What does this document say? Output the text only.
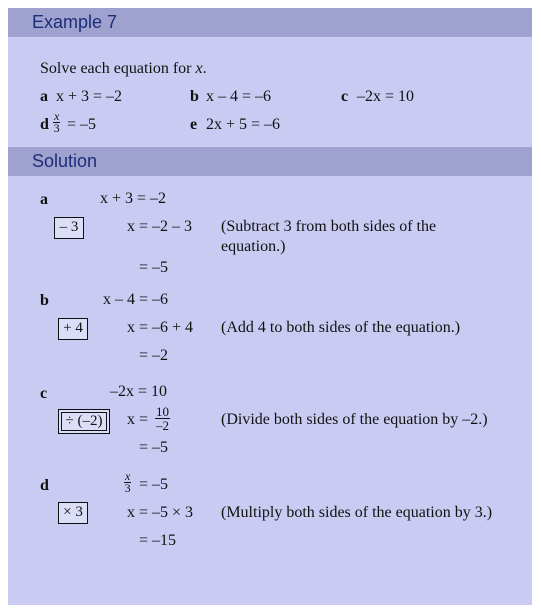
Example 7
Solve each equation for x.
a x + 3 = –2	b x – 4 = –6	c –2x = 10
d $\frac{x}{3} = -5$	e 2x + 5 = –6
Solution
a	x + 3 = –2
– 3	x = –2 – 3 (Subtract 3 from both sides of the
equation.)
= –5
b	x – 4 = –6
+ 4	x = –6 + 4 (Add 4 to both sides of the equation.)
= –2
c	–2x = 10
÷ (–2)	$x = \frac{10}{-2}$	(Divide both sides of the equation by –2.)
= –5
d	$\frac{x}{3} = -5$
× 3	x = –5 × 3 (Multiply both sides of the equation by 3.)
= –15
